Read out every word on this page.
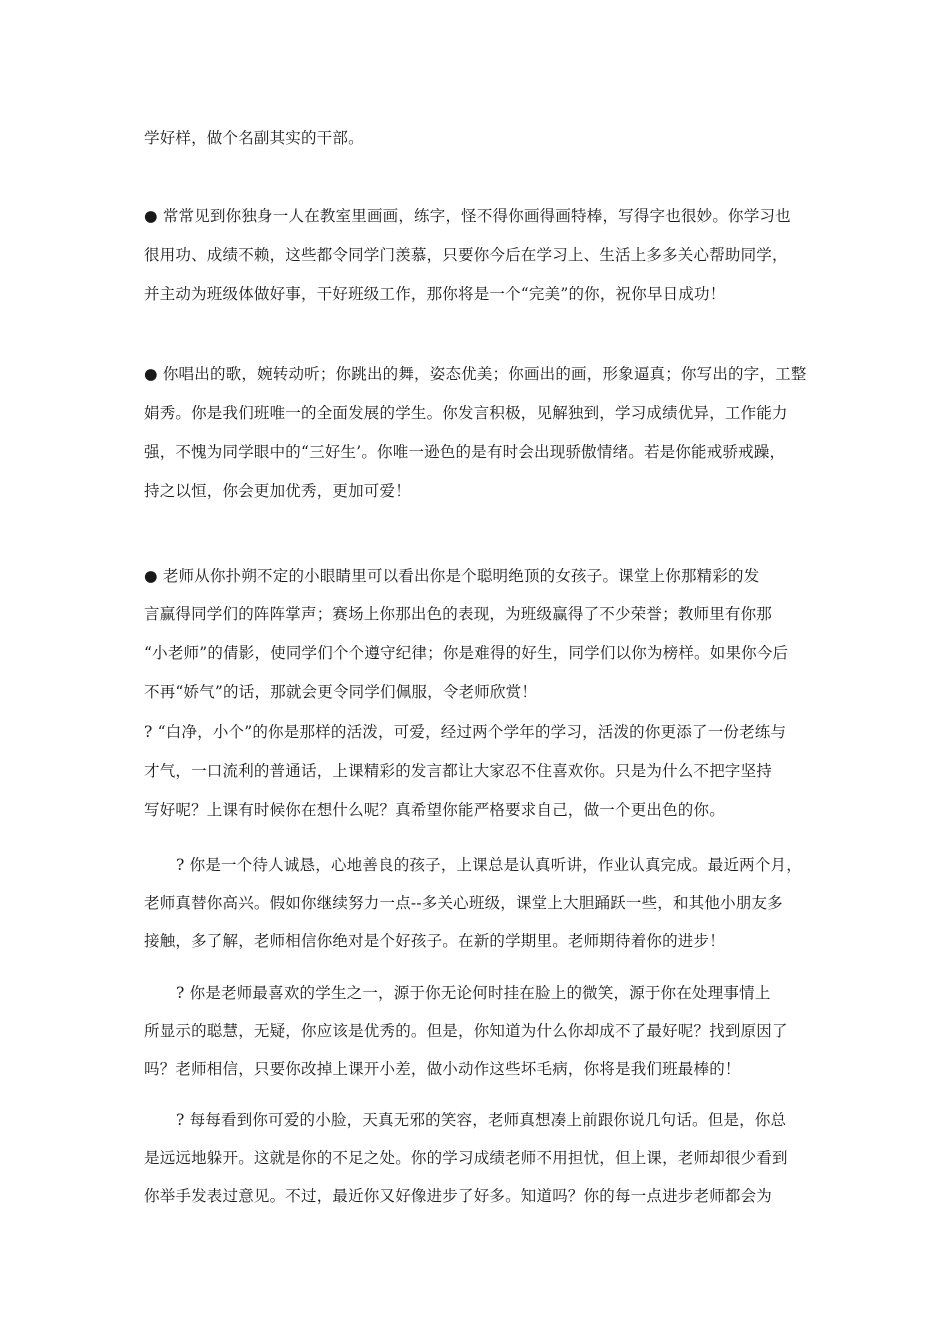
学好样，做个名副其实的干部。
● 常常见到你独身一人在教室里画画，练字，怪不得你画得画特棒，写得字也很妙。你学习也
很用功、成绩不赖，这些都令同学门羡慕，只要你今后在学习上、生活上多多关心帮助同学，
并主动为班级体做好事，干好班级工作，那你将是一个“完美”的你，祝你早日成功！
● 你唱出的歌，婉转动听；你跳出的舞，姿态优美；你画出的画，形象逼真；你写出的字，工整
娟秀。你是我们班唯一的全面发展的学生。你发言积极，见解独到，学习成绩优异，工作能力
强，不愧为同学眼中的“三好生’。你唯一逊色的是有时会出现骄傲情绪。若是你能戒骄戒躁，
持之以恒，你会更加优秀，更加可爱！
● 老师从你扑朔不定的小眼睛里可以看出你是个聪明绝顶的女孩子。课堂上你那精彩的发
言赢得同学们的阵阵掌声；赛场上你那出色的表现，为班级赢得了不少荣誉；教师里有你那
“小老师”的倩影，使同学们个个遵守纪律；你是难得的好生，同学们以你为榜样。如果你今后
不再“娇气”的话，那就会更令同学们佩服，令老师欣赏！
? “白净，小个”的你是那样的活泼，可爱，经过两个学年的学习，活泼的你更添了一份老练与
才气，一口流利的普通话，上课精彩的发言都让大家忍不住喜欢你。只是为什么不把字坚持
写好呢？上课有时候你在想什么呢？真希望你能严格要求自己，做一个更出色的你。
? 你是一个待人诚恳，心地善良的孩子，上课总是认真听讲，作业认真完成。最近两个月，
老师真替你高兴。假如你继续努力一点--多关心班级，课堂上大胆踊跃一些，和其他小朋友多
接触，多了解，老师相信你绝对是个好孩子。在新的学期里。老师期待着你的进步！
? 你是老师最喜欢的学生之一，源于你无论何时挂在脸上的微笑，源于你在处理事情上
所显示的聪慧，无疑，你应该是优秀的。但是，你知道为什么你却成不了最好呢？找到原因了
吗？老师相信，只要你改掉上课开小差，做小动作这些坏毛病，你将是我们班最棒的！
? 每每看到你可爱的小脸，天真无邪的笑容，老师真想凑上前跟你说几句话。但是，你总
是远远地躲开。这就是你的不足之处。你的学习成绩老师不用担忧，但上课，老师却很少看到
你举手发表过意见。不过，最近你又好像进步了好多。知道吗？你的每一点进步老师都会为
